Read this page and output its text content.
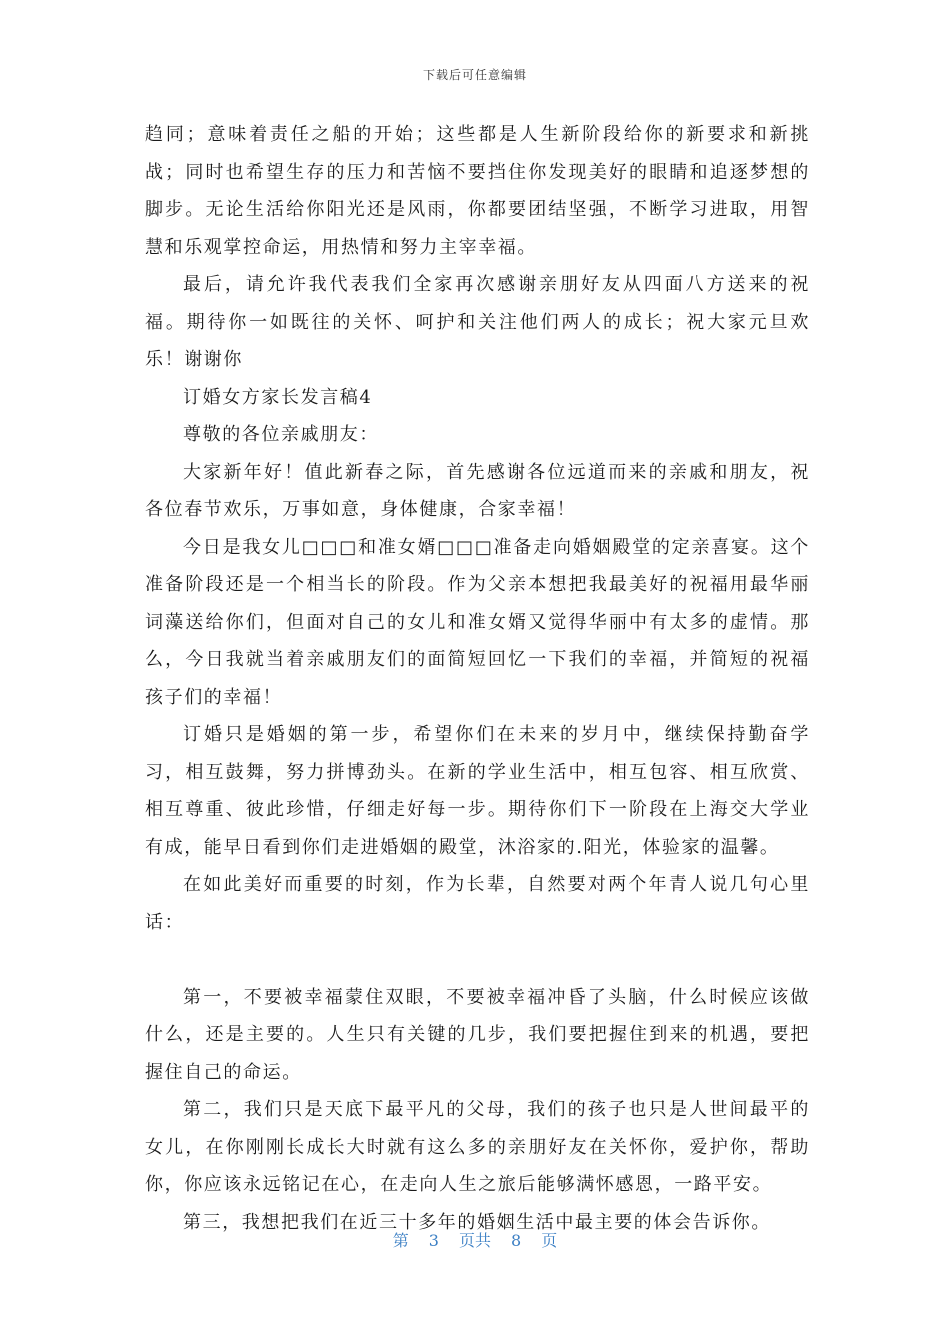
下载后可任意编辑

趋同；意味着责任之船的开始；这些都是人生新阶段给你的新要求和新挑战；同时也希望生存的压力和苦恼不要挡住你发现美好的眼睛和追逐梦想的脚步。无论生活给你阳光还是风雨，你都要团结坚强，不断学习进取，用智慧和乐观掌控命运，用热情和努力主宰幸福。

最后，请允许我代表我们全家再次感谢亲朋好友从四面八方送来的祝福。期待你一如既往的关怀、呵护和关注他们两人的成长；祝大家元旦欢乐！谢谢你

订婚女方家长发言稿4

尊敬的各位亲戚朋友：

大家新年好！值此新春之际，首先感谢各位远道而来的亲戚和朋友，祝各位春节欢乐，万事如意，身体健康，合家幸福！

今日是我女儿□□□和准女婿□□□准备走向婚姻殿堂的定亲喜宴。这个准备阶段还是一个相当长的阶段。作为父亲本想把我最美好的祝福用最华丽词藻送给你们，但面对自己的女儿和准女婿又觉得华丽中有太多的虚情。那么，今日我就当着亲戚朋友们的面简短回忆一下我们的幸福，并简短的祝福孩子们的幸福！

订婚只是婚姻的第一步，希望你们在未来的岁月中，继续保持勤奋学习，相互鼓舞，努力拼博劲头。在新的学业生活中，相互包容、相互欣赏、相互尊重、彼此珍惜，仔细走好每一步。期待你们下一阶段在上海交大学业有成，能早日看到你们走进婚姻的殿堂，沐浴家的.阳光，体验家的温馨。

在如此美好而重要的时刻，作为长辈，自然要对两个年青人说几句心里话：

第一，不要被幸福蒙住双眼，不要被幸福冲昏了头脑，什么时候应该做什么，还是主要的。人生只有关键的几步，我们要把握住到来的机遇，要把握住自己的命运。

第二，我们只是天底下最平凡的父母，我们的孩子也只是人世间最平的女儿，在你刚刚长成长大时就有这么多的亲朋好友在关怀你，爱护你，帮助你，你应该永远铭记在心，在走向人生之旅后能够满怀感恩，一路平安。

第三，我想把我们在近三十多年的婚姻生活中最主要的体会告诉你。

第 3 页共 8 页
